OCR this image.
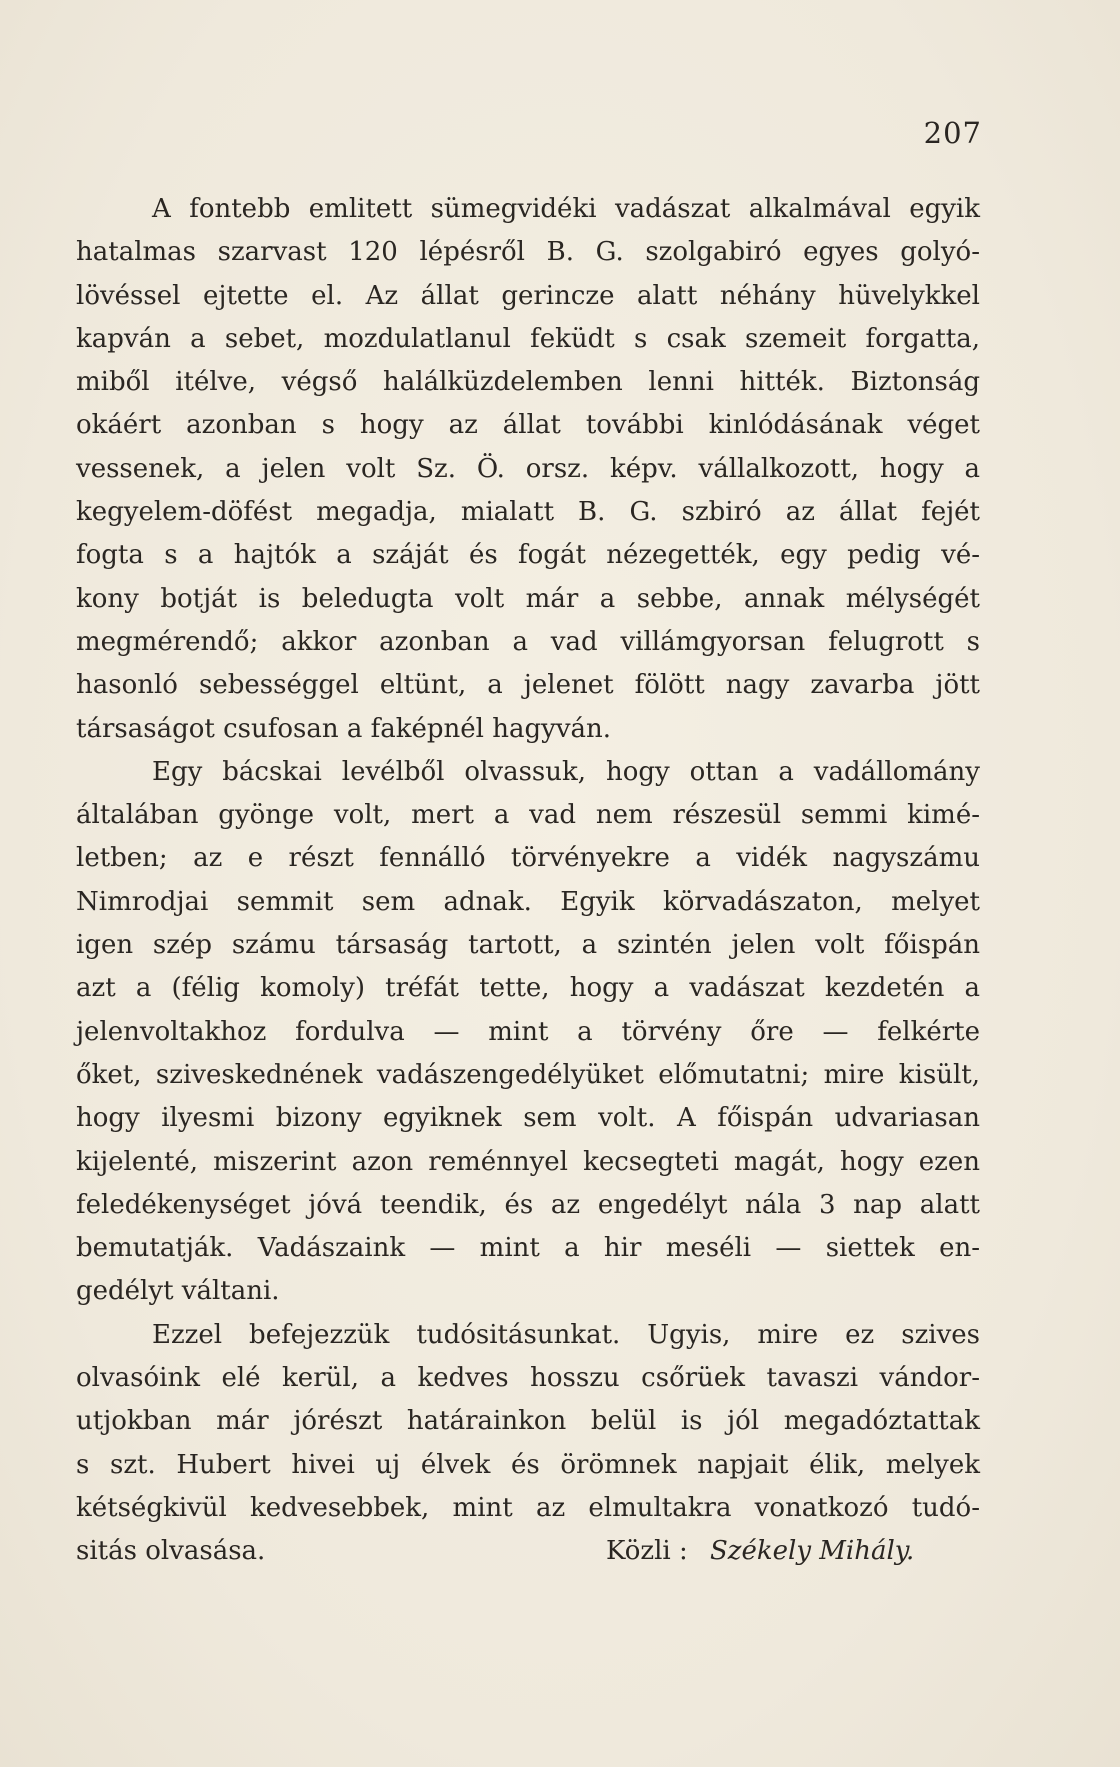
207
A fontebb emlitett sümegvidéki vadászat alkalmával egyik
hatalmas szarvast 120 lépésről B. G. szolgabiró egyes golyó-
lövéssel ejtette el. Az állat gerincze alatt néhány hüvelykkel
kapván a sebet, mozdulatlanul feküdt s csak szemeit forgatta,
miből itélve, végső halálküzdelemben lenni hitték. Biztonság
okáért azonban s hogy az állat további kinlódásának véget
vessenek, a jelen volt Sz. Ö. orsz. képv. vállalkozott, hogy a
kegyelem-döfést megadja, mialatt B. G. szbiró az állat fejét
fogta s a hajtók a száját és fogát nézegették, egy pedig vé-
kony botját is beledugta volt már a sebbe, annak mélységét
megmérendő; akkor azonban a vad villámgyorsan felugrott s
hasonló sebességgel eltünt, a jelenet fölött nagy zavarba jött
társaságot csufosan a faképnél hagyván.
Egy bácskai levélből olvassuk, hogy ottan a vadállomány
általában gyönge volt, mert a vad nem részesül semmi kimé-
letben; az e részt fennálló törvényekre a vidék nagyszámu
Nimrodjai semmit sem adnak. Egyik körvadászaton, melyet
igen szép számu társaság tartott, a szintén jelen volt főispán
azt a (félig komoly) tréfát tette, hogy a vadászat kezdetén a
jelenvoltakhoz fordulva — mint a törvény őre — felkérte
őket, sziveskednének vadászengedélyüket előmutatni; mire kisült,
hogy ilyesmi bizony egyiknek sem volt. A főispán udvariasan
kijelenté, miszerint azon reménnyel kecsegteti magát, hogy ezen
feledékenységet jóvá teendik, és az engedélyt nála 3 nap alatt
bemutatják. Vadászaink — mint a hir meséli — siettek en-
gedélyt váltani.
Ezzel befejezzük tudósitásunkat. Ugyis, mire ez szives
olvasóink elé kerül, a kedves hosszu csőrüek tavaszi vándor-
utjokban már jórészt határainkon belül is jól megadóztattak
s szt. Hubert hivei uj élvek és örömnek napjait élik, melyek
kétségkivül kedvesebbek, mint az elmultakra vonatkozó tudó-
sitás olvasása.	Közli : Székely Mihály.
